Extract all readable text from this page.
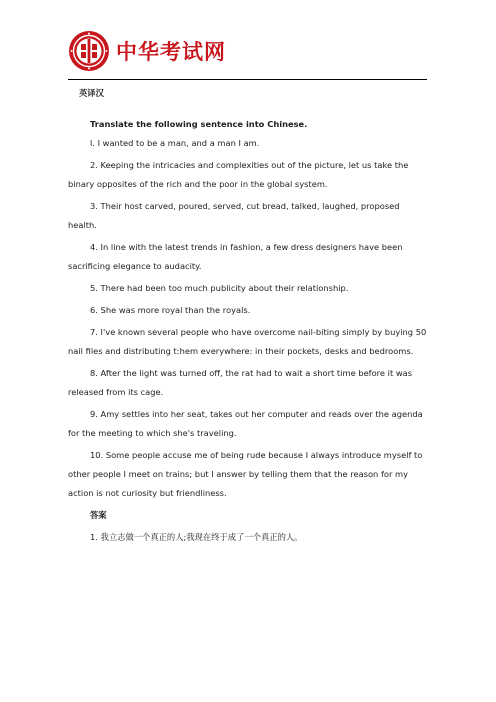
中华考试网
英译汉
Translate the following sentence into Chinese.

l. I wanted to be a man, and a man I am.

2. Keeping the intricacies and complexities out of the picture, let us take the binary opposites of the rich and the poor in the global system.

3. Their host carved, poured, served, cut bread, talked, laughed, proposed health.

4. In line with the latest trends in fashion, a few dress designers have been sacrificing elegance to audacity.

5. There had been too much publicity about their relationship.

6. She was more royal than the royals.

7. I've known several people who have overcome nail-biting simply by buying 50 nail files and distributing t:hem everywhere: in their pockets, desks and bedrooms.

8. After the light was turned off, the rat had to wait a short time before it was released from its cage.

9. Amy settles into her seat, takes out her computer and reads over the agenda for the meeting to which she's traveling.

10. Some people accuse me of being rude because I always introduce myself to other people I meet on trains; but I answer by telling them that the reason for my action is not curiosity but friendliness.

答案
1. 我立志做一个真正的人;我现在终于成了一个真正的人。
